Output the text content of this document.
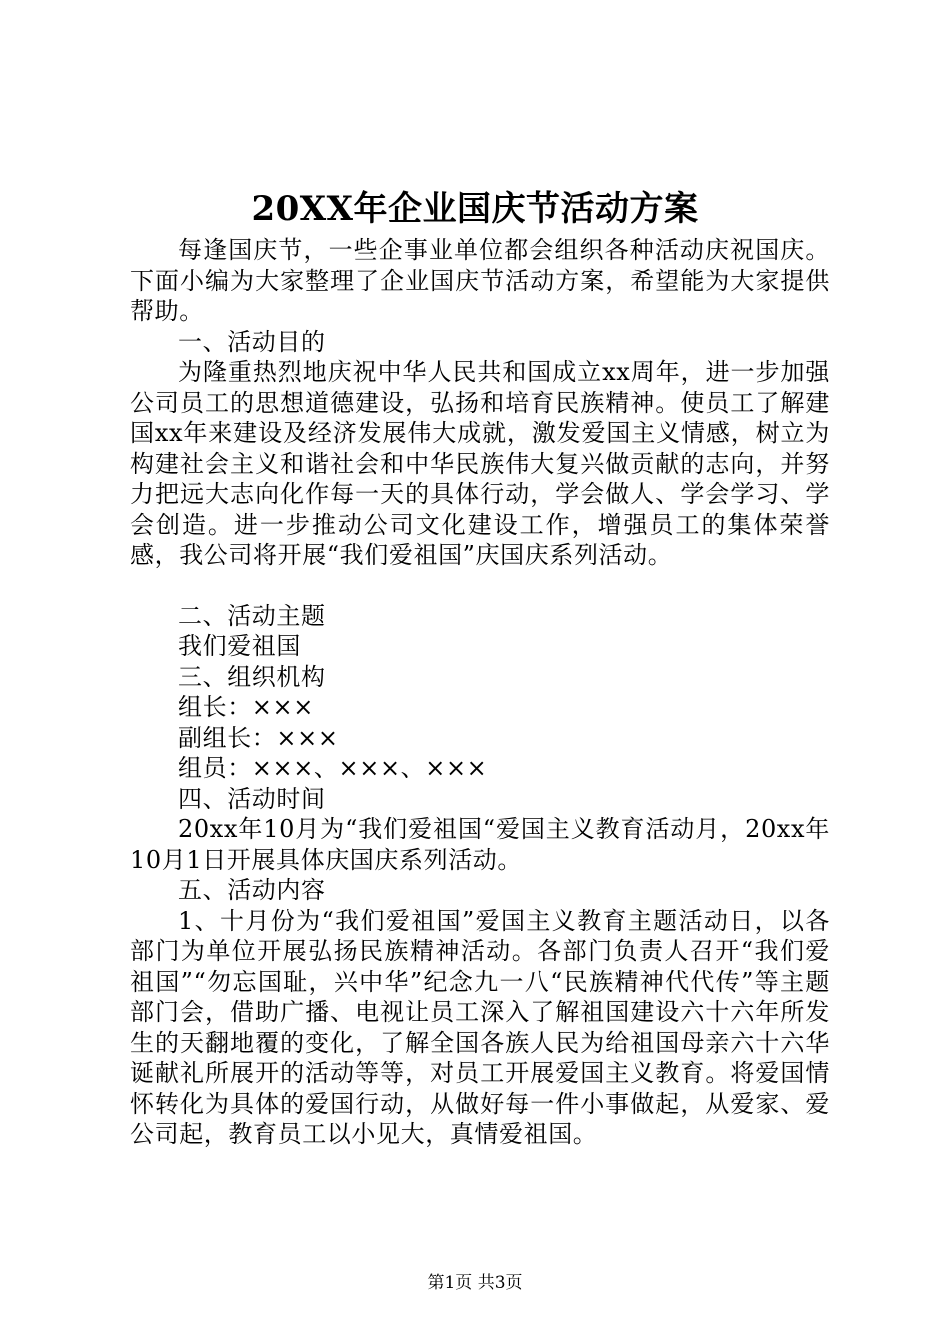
20XX年企业国庆节活动方案

每逢国庆节，一些企事业单位都会组织各种活动庆祝国庆。下面小编为大家整理了企业国庆节活动方案，希望能为大家提供帮助。

一、活动目的

为隆重热烈地庆祝中华人民共和国成立xx周年，进一步加强公司员工的思想道德建设，弘扬和培育民族精神。使员工了解建国xx年来建设及经济发展伟大成就，激发爱国主义情感，树立为构建社会主义和谐社会和中华民族伟大复兴做贡献的志向，并努力把远大志向化作每一天的具体行动，学会做人、学会学习、学会创造。进一步推动公司文化建设工作，增强员工的集体荣誉感，我公司将开展“我们爱祖国”庆国庆系列活动。

二、活动主题

我们爱祖国

三、组织机构

组长：×××

副组长：×××

组员：×××、×××、×××

四、活动时间

20xx年10月为“我们爱祖国“爱国主义教育活动月，20xx年10月1日开展具体庆国庆系列活动。

五、活动内容

1、十月份为“我们爱祖国”爱国主义教育主题活动日，以各部门为单位开展弘扬民族精神活动。各部门负责人召开“我们爱祖国”“勿忘国耻，兴中华”纪念九一八“民族精神代代传”等主题部门会，借助广播、电视让员工深入了解祖国建设六十六年所发生的天翻地覆的变化，了解全国各族人民为给祖国母亲六十六华诞献礼所展开的活动等等，对员工开展爱国主义教育。将爱国情怀转化为具体的爱国行动，从做好每一件小事做起，从爱家、爱公司起，教育员工以小见大，真情爱祖国。

第1页 共3页
